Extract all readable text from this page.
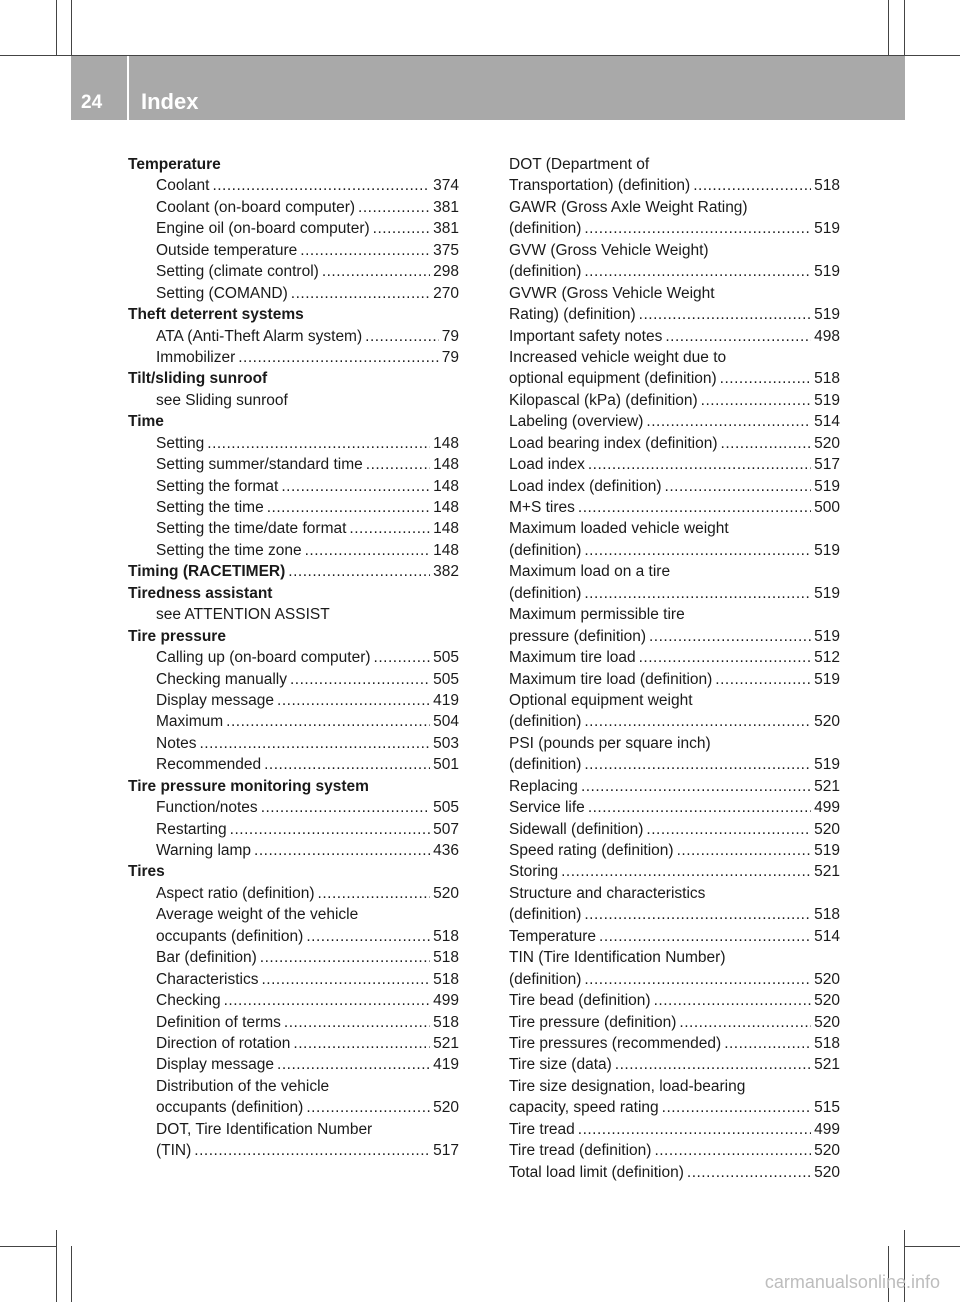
24 Index
Temperature
Coolant .....	374
Coolant (on-board computer) .....	381
Engine oil (on-board computer) .....	381
Outside temperature .....	375
Setting (climate control) .....	298
Setting (COMAND) .....	270
Theft deterrent systems
ATA (Anti-Theft Alarm system) .....	79
Immobilizer .....	79
Tilt/sliding sunroof
see Sliding sunroof
Time
Setting .....	148
Setting summer/standard time .....	148
Setting the format .....	148
Setting the time .....	148
Setting the time/date format .....	148
Setting the time zone .....	148
Timing (RACETIMER) .....	382
Tiredness assistant
see ATTENTION ASSIST
Tire pressure
Calling up (on-board computer) .....	505
Checking manually .....	505
Display message .....	419
Maximum .....	504
Notes .....	503
Recommended .....	501
Tire pressure monitoring system
Function/notes .....	505
Restarting .....	507
Warning lamp .....	436
Tires
Aspect ratio (definition) .....	520
Average weight of the vehicle
occupants (definition) .....	518
Bar (definition) .....	518
Characteristics .....	518
Checking .....	499
Definition of terms .....	518
Direction of rotation .....	521
Display message .....	419
Distribution of the vehicle
occupants (definition) .....	520
DOT, Tire Identification Number
(TIN) .....	517
DOT (Department of
Transportation) (definition) .....	518
GAWR (Gross Axle Weight Rating)
(definition) .....	519
GVW (Gross Vehicle Weight)
(definition) .....	519
GVWR (Gross Vehicle Weight
Rating) (definition) .....	519
Important safety notes .....	498
Increased vehicle weight due to
optional equipment (definition) .....	518
Kilopascal (kPa) (definition) .....	519
Labeling (overview) .....	514
Load bearing index (definition) .....	520
Load index .....	517
Load index (definition) .....	519
M+S tires .....	500
Maximum loaded vehicle weight
(definition) .....	519
Maximum load on a tire
(definition) .....	519
Maximum permissible tire
pressure (definition) .....	519
Maximum tire load .....	512
Maximum tire load (definition) .....	519
Optional equipment weight
(definition) .....	520
PSI (pounds per square inch)
(definition) .....	519
Replacing .....	521
Service life .....	499
Sidewall (definition) .....	520
Speed rating (definition) .....	519
Storing .....	521
Structure and characteristics
(definition) .....	518
Temperature .....	514
TIN (Tire Identification Number)
(definition) .....	520
Tire bead (definition) .....	520
Tire pressure (definition) .....	520
Tire pressures (recommended) .....	518
Tire size (data) .....	521
Tire size designation, load-bearing
capacity, speed rating .....	515
Tire tread .....	499
Tire tread (definition) .....	520
Total load limit (definition) .....	520
carmanualsonline.info
